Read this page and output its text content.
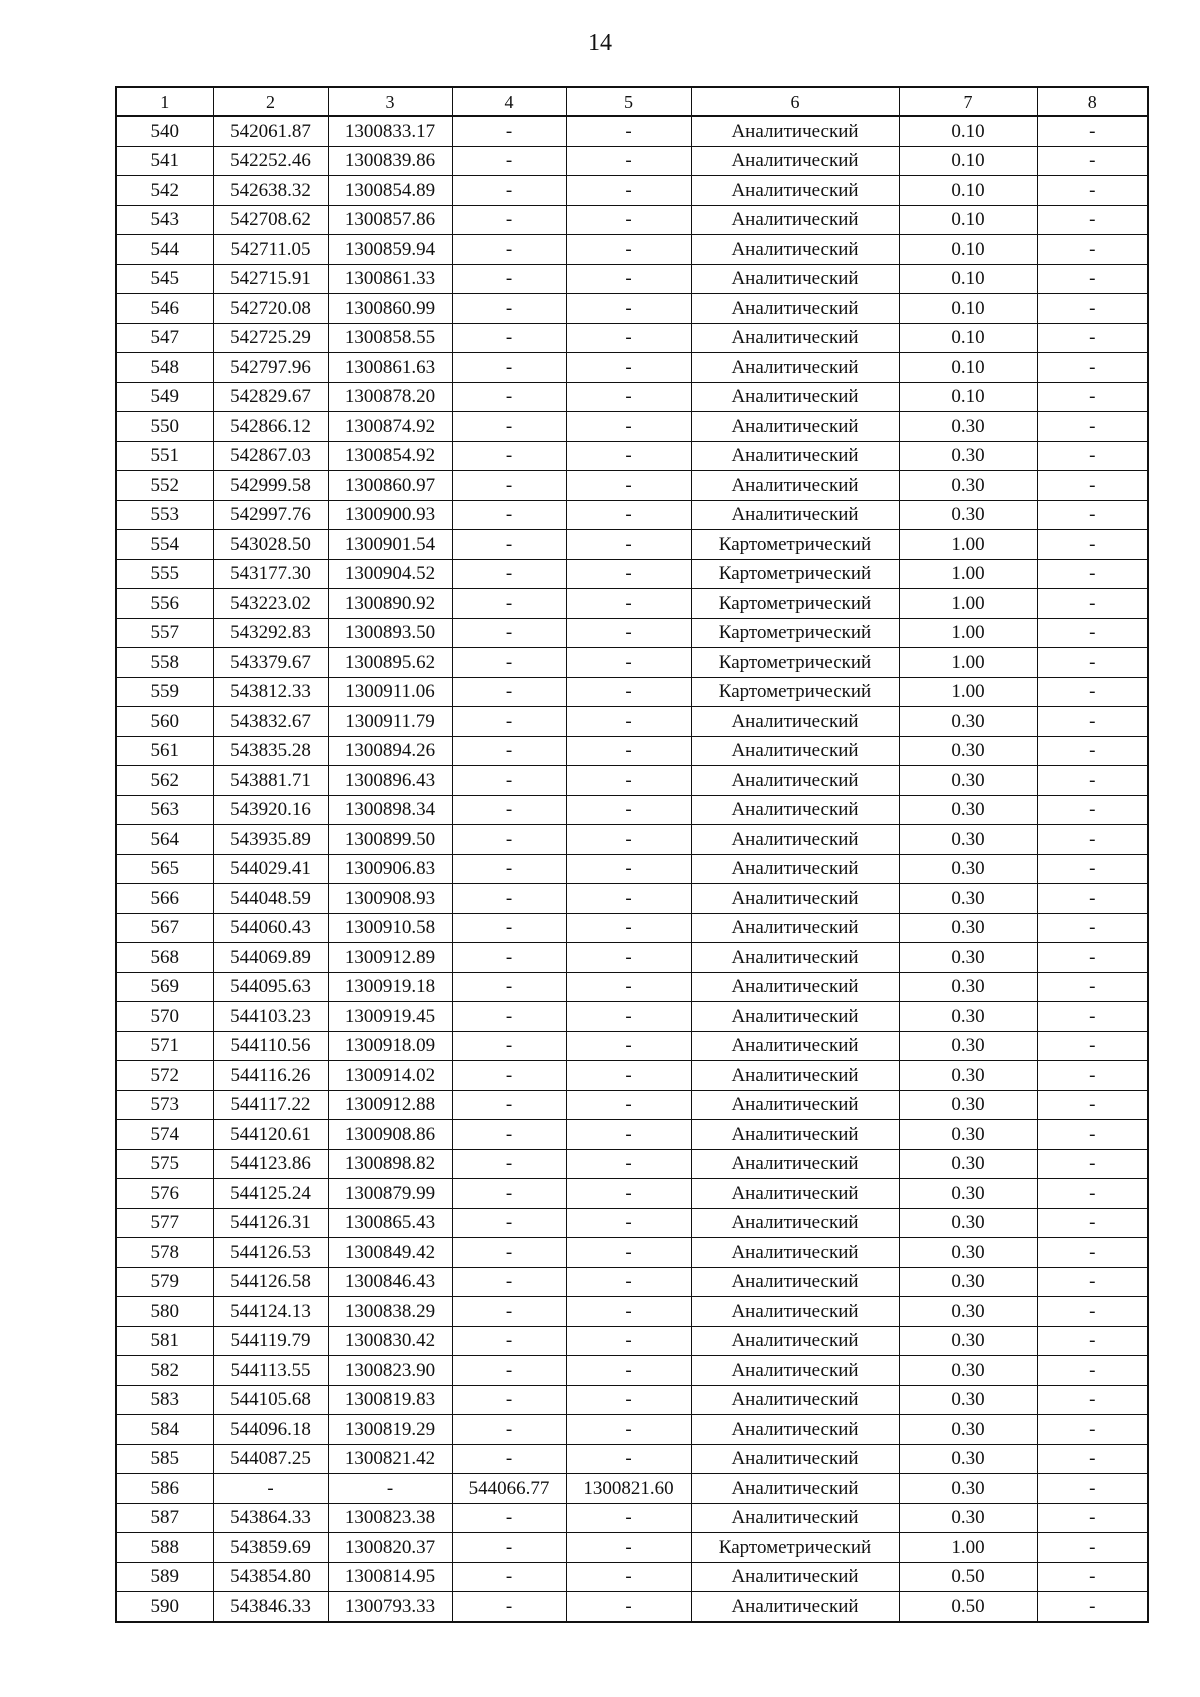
14
1	2	3	4	5	6	7	8
540	542061.87	1300833.17	-	-	Аналитический	0.10	-
541	542252.46	1300839.86	-	-	Аналитический	0.10	-
542	542638.32	1300854.89	-	-	Аналитический	0.10	-
543	542708.62	1300857.86	-	-	Аналитический	0.10	-
544	542711.05	1300859.94	-	-	Аналитический	0.10	-
545	542715.91	1300861.33	-	-	Аналитический	0.10	-
546	542720.08	1300860.99	-	-	Аналитический	0.10	-
547	542725.29	1300858.55	-	-	Аналитический	0.10	-
548	542797.96	1300861.63	-	-	Аналитический	0.10	-
549	542829.67	1300878.20	-	-	Аналитический	0.10	-
550	542866.12	1300874.92	-	-	Аналитический	0.30	-
551	542867.03	1300854.92	-	-	Аналитический	0.30	-
552	542999.58	1300860.97	-	-	Аналитический	0.30	-
553	542997.76	1300900.93	-	-	Аналитический	0.30	-
554	543028.50	1300901.54	-	-	Картометрический	1.00	-
555	543177.30	1300904.52	-	-	Картометрический	1.00	-
556	543223.02	1300890.92	-	-	Картометрический	1.00	-
557	543292.83	1300893.50	-	-	Картометрический	1.00	-
558	543379.67	1300895.62	-	-	Картометрический	1.00	-
559	543812.33	1300911.06	-	-	Картометрический	1.00	-
560	543832.67	1300911.79	-	-	Аналитический	0.30	-
561	543835.28	1300894.26	-	-	Аналитический	0.30	-
562	543881.71	1300896.43	-	-	Аналитический	0.30	-
563	543920.16	1300898.34	-	-	Аналитический	0.30	-
564	543935.89	1300899.50	-	-	Аналитический	0.30	-
565	544029.41	1300906.83	-	-	Аналитический	0.30	-
566	544048.59	1300908.93	-	-	Аналитический	0.30	-
567	544060.43	1300910.58	-	-	Аналитический	0.30	-
568	544069.89	1300912.89	-	-	Аналитический	0.30	-
569	544095.63	1300919.18	-	-	Аналитический	0.30	-
570	544103.23	1300919.45	-	-	Аналитический	0.30	-
571	544110.56	1300918.09	-	-	Аналитический	0.30	-
572	544116.26	1300914.02	-	-	Аналитический	0.30	-
573	544117.22	1300912.88	-	-	Аналитический	0.30	-
574	544120.61	1300908.86	-	-	Аналитический	0.30	-
575	544123.86	1300898.82	-	-	Аналитический	0.30	-
576	544125.24	1300879.99	-	-	Аналитический	0.30	-
577	544126.31	1300865.43	-	-	Аналитический	0.30	-
578	544126.53	1300849.42	-	-	Аналитический	0.30	-
579	544126.58	1300846.43	-	-	Аналитический	0.30	-
580	544124.13	1300838.29	-	-	Аналитический	0.30	-
581	544119.79	1300830.42	-	-	Аналитический	0.30	-
582	544113.55	1300823.90	-	-	Аналитический	0.30	-
583	544105.68	1300819.83	-	-	Аналитический	0.30	-
584	544096.18	1300819.29	-	-	Аналитический	0.30	-
585	544087.25	1300821.42	-	-	Аналитический	0.30	-
586	-	-	544066.77	1300821.60	Аналитический	0.30	-
587	543864.33	1300823.38	-	-	Аналитический	0.30	-
588	543859.69	1300820.37	-	-	Картометрический	1.00	-
589	543854.80	1300814.95	-	-	Аналитический	0.50	-
590	543846.33	1300793.33	-	-	Аналитический	0.50	-
